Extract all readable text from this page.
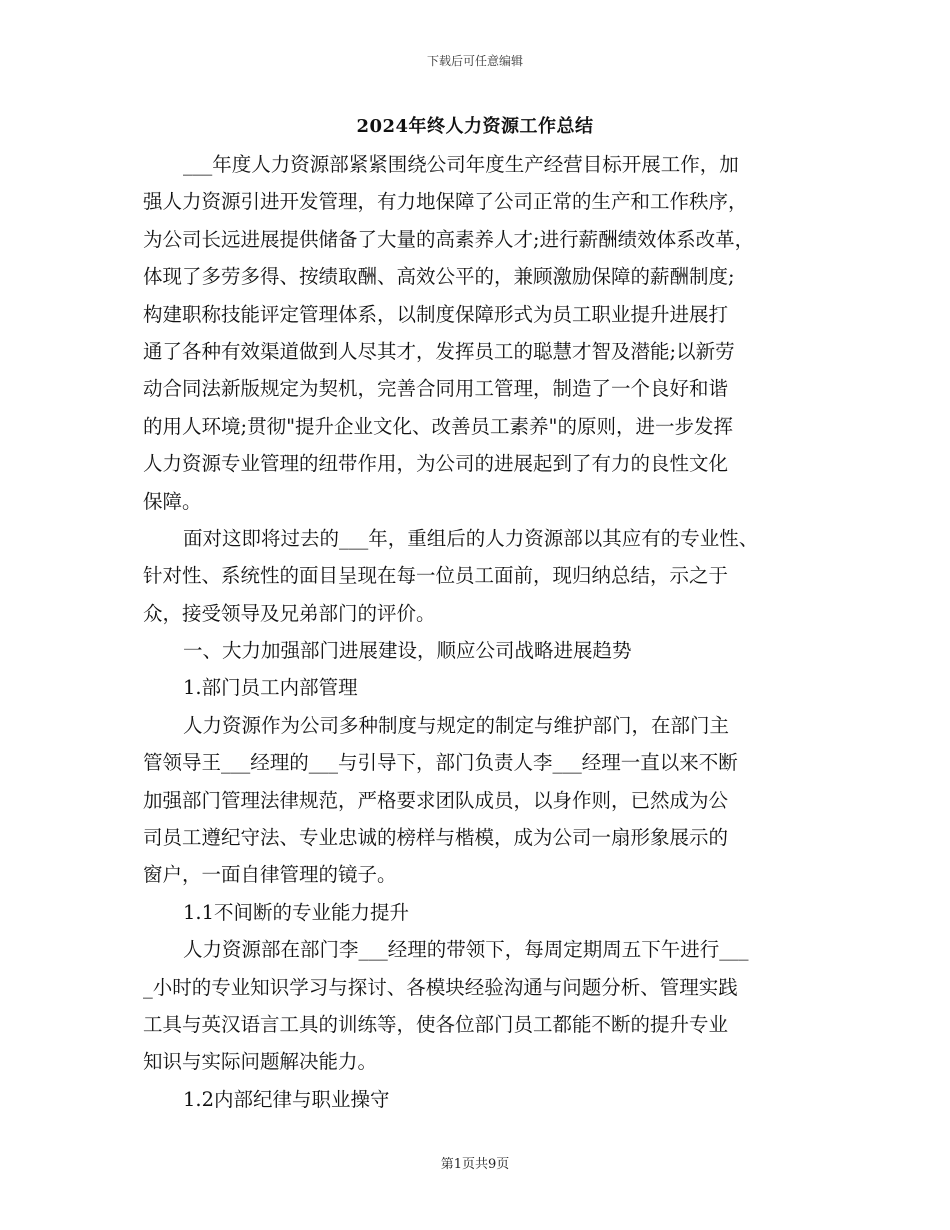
下载后可任意编辑
2024年终人力资源工作总结
___年度人力资源部紧紧围绕公司年度生产经营目标开展工作，加
强人力资源引进开发管理，有力地保障了公司正常的生产和工作秩序，
为公司长远进展提供储备了大量的高素养人才;进行薪酬绩效体系改革，
体现了多劳多得、按绩取酬、高效公平的，兼顾激励保障的薪酬制度;
构建职称技能评定管理体系，以制度保障形式为员工职业提升进展打
通了各种有效渠道做到人尽其才，发挥员工的聪慧才智及潜能;以新劳
动合同法新版规定为契机，完善合同用工管理，制造了一个良好和谐
的用人环境;贯彻"提升企业文化、改善员工素养"的原则，进一步发挥
人力资源专业管理的纽带作用，为公司的进展起到了有力的良性文化
保障。
面对这即将过去的___年，重组后的人力资源部以其应有的专业性、
针对性、系统性的面目呈现在每一位员工面前，现归纳总结，示之于
众，接受领导及兄弟部门的评价。
一、大力加强部门进展建设，顺应公司战略进展趋势
1.部门员工内部管理
人力资源作为公司多种制度与规定的制定与维护部门，在部门主
管领导王___经理的___与引导下，部门负责人李___经理一直以来不断
加强部门管理法律规范，严格要求团队成员，以身作则，已然成为公
司员工遵纪守法、专业忠诚的榜样与楷模，成为公司一扇形象展示的
窗户，一面自律管理的镜子。
1.1不间断的专业能力提升
人力资源部在部门李___经理的带领下，每周定期周五下午进行___
_小时的专业知识学习与探讨、各模块经验沟通与问题分析、管理实践
工具与英汉语言工具的训练等，使各位部门员工都能不断的提升专业
知识与实际问题解决能力。
1.2内部纪律与职业操守
第1页共9页
